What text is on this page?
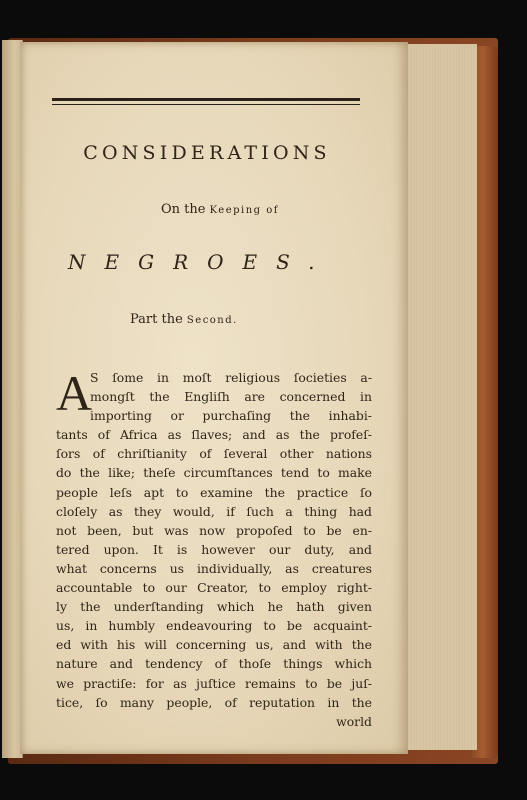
CONSIDERATIONS
On the Keeping of
NEGROES.
Part the Second.
A
S ſome in moſt religious ſocieties a-
mongſt the Engliſh are concerned in
importing or purchaſing the inhabi-
tants of Africa as ſlaves; and as the profeſ-
ſors of chriſtianity of ſeveral other nations
do the like; theſe circumſtances tend to make
people leſs apt to examine the practice ſo
cloſely as they would, if ſuch a thing had
not been, but was now propoſed to be en-
tered upon. It is however our duty, and
what concerns us individually, as creatures
accountable to our Creator, to employ right-
ly the underſtanding which he hath given
us, in humbly endeavouring to be acquaint-
ed with his will concerning us, and with the
nature and tendency of thoſe things which
we practiſe: for as juſtice remains to be juſ-
tice, ſo many people, of reputation in the
world
